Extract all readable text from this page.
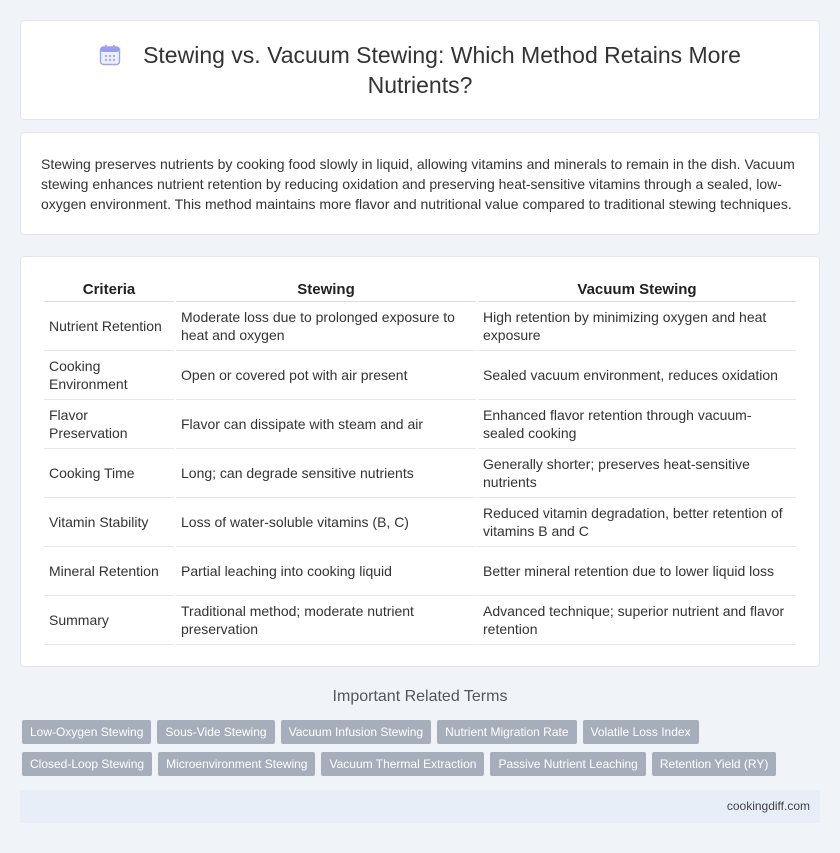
Stewing vs. Vacuum Stewing: Which Method Retains More Nutrients?

Stewing preserves nutrients by cooking food slowly in liquid, allowing vitamins and minerals to remain in the dish. Vacuum stewing enhances nutrient retention by reducing oxidation and preserving heat-sensitive vitamins through a sealed, low-oxygen environment. This method maintains more flavor and nutritional value compared to traditional stewing techniques.

Criteria	Stewing	Vacuum Stewing
Nutrient Retention	Moderate loss due to prolonged exposure to heat and oxygen	High retention by minimizing oxygen and heat exposure
Cooking Environment	Open or covered pot with air present	Sealed vacuum environment, reduces oxidation
Flavor Preservation	Flavor can dissipate with steam and air	Enhanced flavor retention through vacuum-sealed cooking
Cooking Time	Long; can degrade sensitive nutrients	Generally shorter; preserves heat-sensitive nutrients
Vitamin Stability	Loss of water-soluble vitamins (B, C)	Reduced vitamin degradation, better retention of vitamins B and C
Mineral Retention	Partial leaching into cooking liquid	Better mineral retention due to lower liquid loss
Summary	Traditional method; moderate nutrient preservation	Advanced technique; superior nutrient and flavor retention
Important Related Terms
Low-Oxygen Stewing	Sous-Vide Stewing	Vacuum Infusion Stewing	Nutrient Migration Rate	Volatile Loss Index
Closed-Loop Stewing	Microenvironment Stewing	Vacuum Thermal Extraction	Passive Nutrient Leaching	Retention Yield (RY)
cookingdiff.com
